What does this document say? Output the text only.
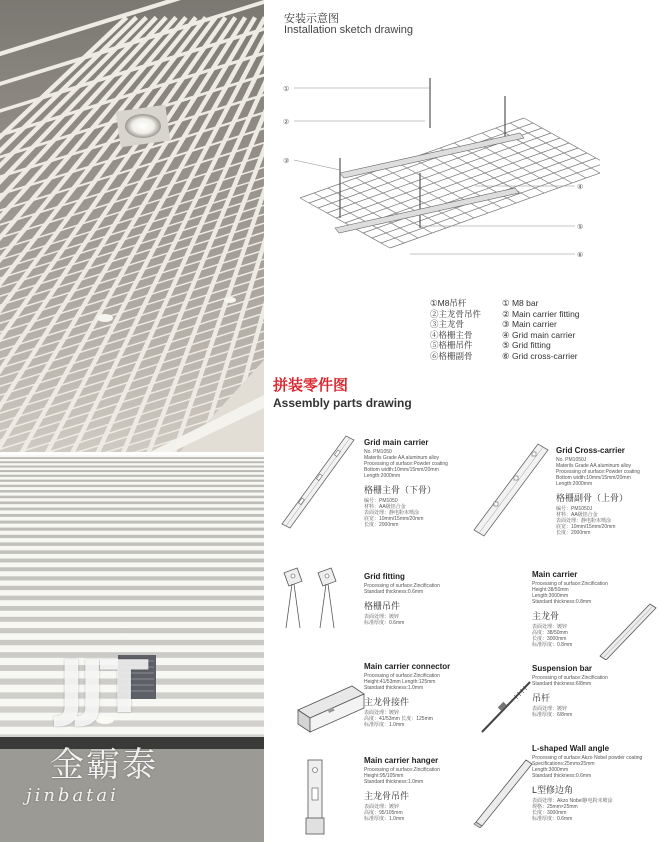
JJT
金霸泰
jinbatai
安装示意图
Installation sketch drawing
①
②
③
④
⑤
⑥
①M8吊杆
②主龙骨吊件
③主龙骨
④格栅主骨
⑤格栅吊件
⑥格栅副骨
① M8 bar
② Main carrier fitting
③ Main carrier
④ Grid main carrier
⑤ Grid fitting
⑥ Grid cross-carrier
拼装零件图
Assembly parts drawing
Grid main carrier
No. PM1050
Materils Grade AA aluminum alloy
Processing of surface:Powder coating
Bottom width:10mm/15mm/20mm
Length:2000mm
格栅主骨（下骨）
编号：PM1050
材料：AA级铝合金
表面处理：静电粉末喷涂
底宽：10mm/15mm/20mm
长度：2000mm
Grid Cross-carrier
No. PM1050J
Materils Grade AA aluminum alloy
Processing of surface:Powder coating
Bottom width:10mm/15mm/20mm
Length:2000mm
格栅副骨（上骨）
编号：PM1050J
材料：AA级铝合金
表面处理：静电粉末喷涂
底宽：10mm/15mm/20mm
长度：2000mm
Grid fitting
Processing of surface:Zincification
Standard thickness:0.6mm
格栅吊件
表面处理：镀锌
标准厚度：0.6mm
Main carrier
Processing of surface:Zincification
Height:38/50mm
Length:3000mm
Standard thickness:0.8mm
主龙骨
表面处理：镀锌
高度：38/50mm
长度：3000mm
标准厚度：0.8mm
Main carrier connector
Processing of surface:Zincification
Height:41/53mm Length:125mm
Standard thickness:1.0mm
主龙骨接件
表面处理：镀锌
高度：41/53mm 长度：125mm
标准厚度：1.0mm
Suspension bar
Processing of surface:Zincification
Standard thickness:6/8mm
吊杆
表面处理：镀锌
标准厚度：6/8mm
Main carrier hanger
Processing of surface:Zincification
Height:95/105mm
Standard thickness:1.0mm
主龙骨吊件
表面处理：镀锌
高度：95/105mm
标准厚度：1.0mm
L-shaped Wall angle
Processing of surface:Akzo Nobel powder coating
Specifications:25mmx25mm
Length:3000mm
Standard thickness:0.6mm
L型修边角
表面处理：Akzo Nobel静电粉末喷涂
规格：25mm×25mm
长度：3000mm
标准厚度：0.6mm
